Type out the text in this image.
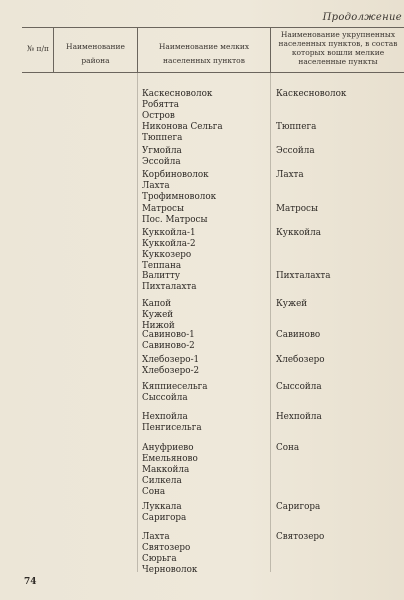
Продолжение
№ п/п	Наименование района
Наименование мелких населенных пунктов
Наименование укрупненных населенных пунктов, в состав которых вошли мелкие населенные пункты
Каскесноволок
Робятта
Остров
Каскесноволок
Никонова Сельга
Тюппега
Тюппега
Угмойла
Эссойла
Эссойла
Корбиноволок
Лахта
Трофимноволок
Лахта
Матросы
Пос. Матросы
Матросы
Куккойла-1
Куккойла-2
Куккозеро
Теппана
Куккойла
Валитту
Пихталахта
Пихталахта
Капой
Кужей
Нижой
Кужей
Савиново-1
Савиново-2
Савиново
Хлебозеро-1
Хлебозеро-2
Хлебозеро
Кяппиесельга
Сыссойла
Сыссойла
Нехпойла
Пенгисельга
Нехпойла
Ануфриево
Емельяново
Маккойла
Силкела
Сона
Сона
Луккала
Саригора
Саригора
Лахта
Святозеро
Сюрьга
Черноволок
Святозеро
74
